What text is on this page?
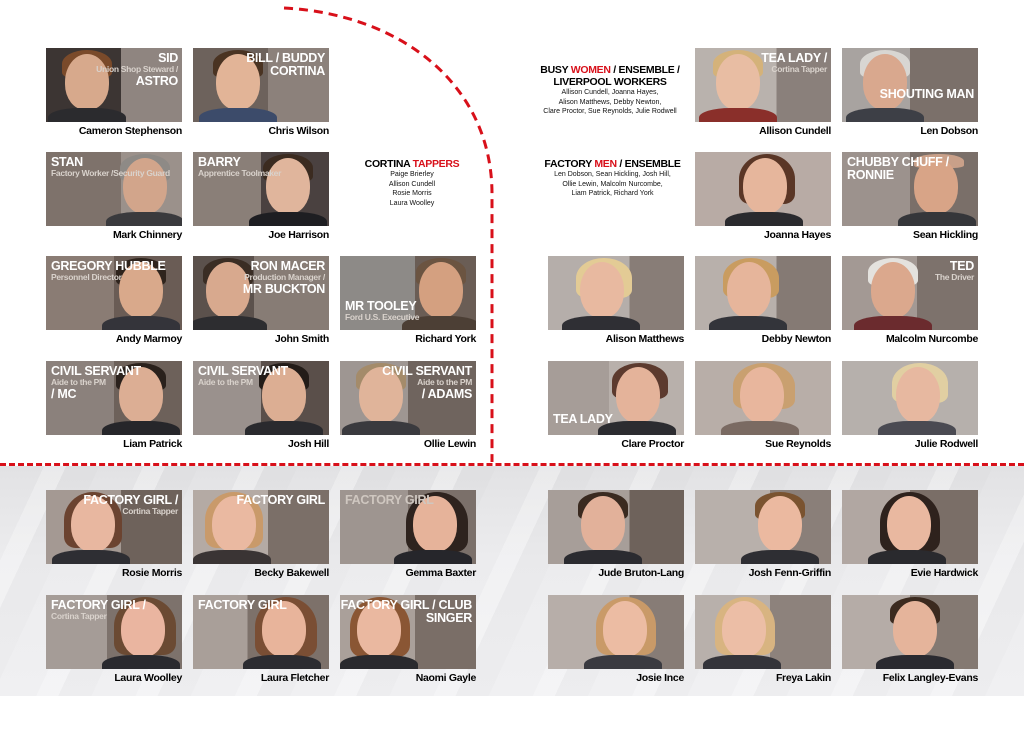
SID
Union Shop Steward /
ASTRO
Cameron Stephenson
BILL / BUDDY CORTINA
Chris Wilson
STAN
Factory Worker /Security Guard
Mark Chinnery
BARRY
Apprentice Toolmaker
Joe Harrison
GREGORY HUBBLE
Personnel Director
Andy Marmoy
RON MACER
Production Manager /
MR BUCKTON
John Smith
MR TOOLEY
Ford U.S. Executive
Richard York
CIVIL SERVANT
Aide to the PM
/ MC
Liam Patrick
CIVIL SERVANT
Aide to the PM
Josh Hill
CIVIL SERVANT
Aide to the PM
/ ADAMS
Ollie Lewin
CORTINA TAPPERS
Paige Brierley
Allison Cundell
Rosie Morris
Laura Woolley
BUSY WOMEN / ENSEMBLE /
LIVERPOOL WORKERS
Allison Cundell, Joanna Hayes,
Alison Matthews, Debby Newton,
Clare Proctor, Sue Reynolds, Julie Rodwell
FACTORY MEN / ENSEMBLE
Len Dobson, Sean Hickling, Josh Hill,
Ollie Lewin, Malcolm Nurcombe,
Liam Patrick, Richard York
TEA LADY /
Cortina Tapper
Allison Cundell
SHOUTING MAN
Len Dobson
Joanna Hayes
CHUBBY CHUFF / RONNIE
Sean Hickling
Alison Matthews	Debby Newton
TED
The Driver
Malcolm Nurcombe
TEA LADY
Clare Proctor	Sue Reynolds	Julie Rodwell
FACTORY GIRL /
Cortina Tapper
Rosie Morris
FACTORY GIRL
Becky Bakewell
FACTORY GIRL
Gemma Baxter
FACTORY GIRL /
Cortina Tapper
Laura Woolley
FACTORY GIRL
Laura Fletcher
FACTORY GIRL / CLUB SINGER
Naomi Gayle
Jude Bruton-Lang	Josh Fenn-Griffin	Evie Hardwick
Josie Ince	Freya Lakin	Felix Langley-Evans
